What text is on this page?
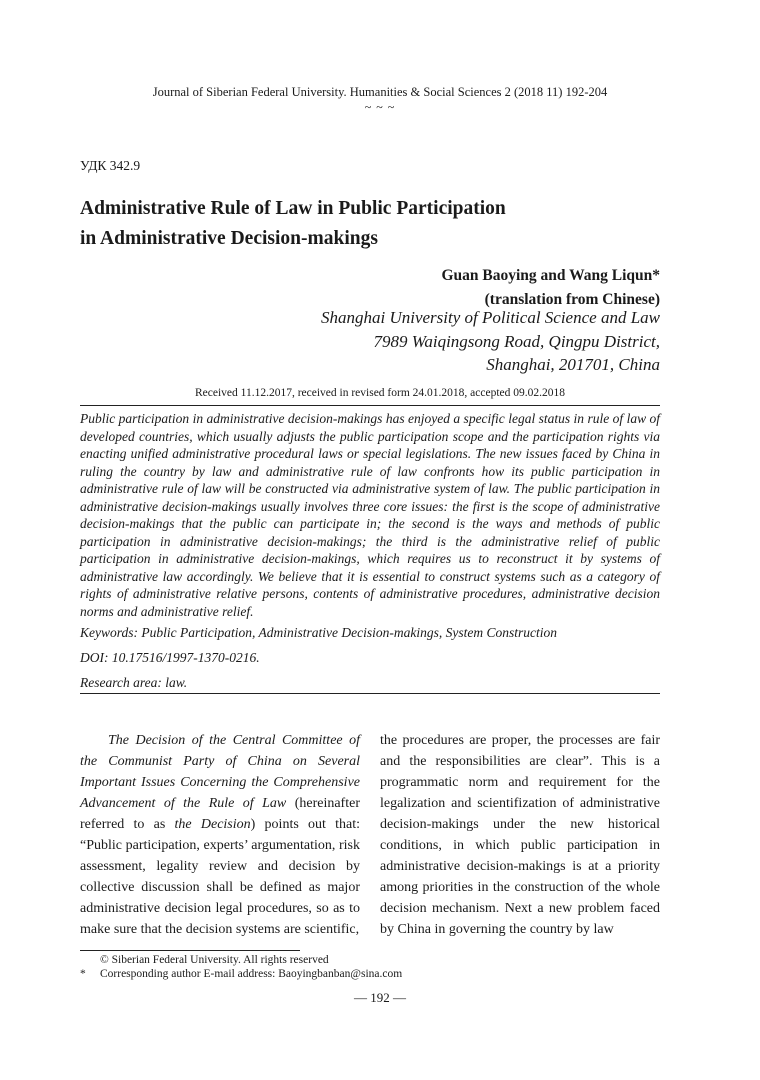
Journal of Siberian Federal University. Humanities & Social Sciences 2 (2018 11) 192-204
~ ~ ~
УДК 342.9
Administrative Rule of Law in Public Participation
in Administrative Decision-makings
Guan Baoying and Wang Liqun*
(translation from Chinese)
Shanghai University of Political Science and Law
7989 Waiqingsong Road, Qingpu District,
Shanghai, 201701, China
Received 11.12.2017, received in revised form 24.01.2018, accepted 09.02.2018
Public participation in administrative decision-makings has enjoyed a specific legal status in rule of law of developed countries, which usually adjusts the public participation scope and the participation rights via enacting unified administrative procedural laws or special legislations. The new issues faced by China in ruling the country by law and administrative rule of law confronts how its public participation in administrative rule of law will be constructed via administrative system of law. The public participation in administrative decision-makings usually involves three core issues: the first is the scope of administrative decision-makings that the public can participate in; the second is the ways and methods of public participation in administrative decision-makings; the third is the administrative relief of public participation in administrative decision-makings, which requires us to reconstruct it by systems of administrative law accordingly. We believe that it is essential to construct systems such as a category of rights of administrative relative persons, contents of administrative procedures, administrative decision norms and administrative relief.
Keywords: Public Participation, Administrative Decision-makings, System Construction
DOI: 10.17516/1997-1370-0216.
Research area: law.

The Decision of the Central Committee of the Communist Party of China on Several Important Issues Concerning the Comprehensive Advancement of the Rule of Law (hereinafter referred to as the Decision) points out that: “Public participation, experts’ argumentation, risk assessment, legality review and decision by collective discussion shall be defined as major administrative decision legal procedures, so as to make sure that the decision systems are scientific,

the procedures are proper, the processes are fair and the responsibilities are clear”. This is a programmatic norm and requirement for the legalization and scientifization of administrative decision-makings under the new historical conditions, in which public participation in administrative decision-makings is at a priority among priorities in the construction of the whole decision mechanism. Next a new problem faced by China in governing the country by law

© Siberian Federal University. All rights reserved
* Corresponding author E-mail address: Baoyingbanban@sina.com
— 192 —
